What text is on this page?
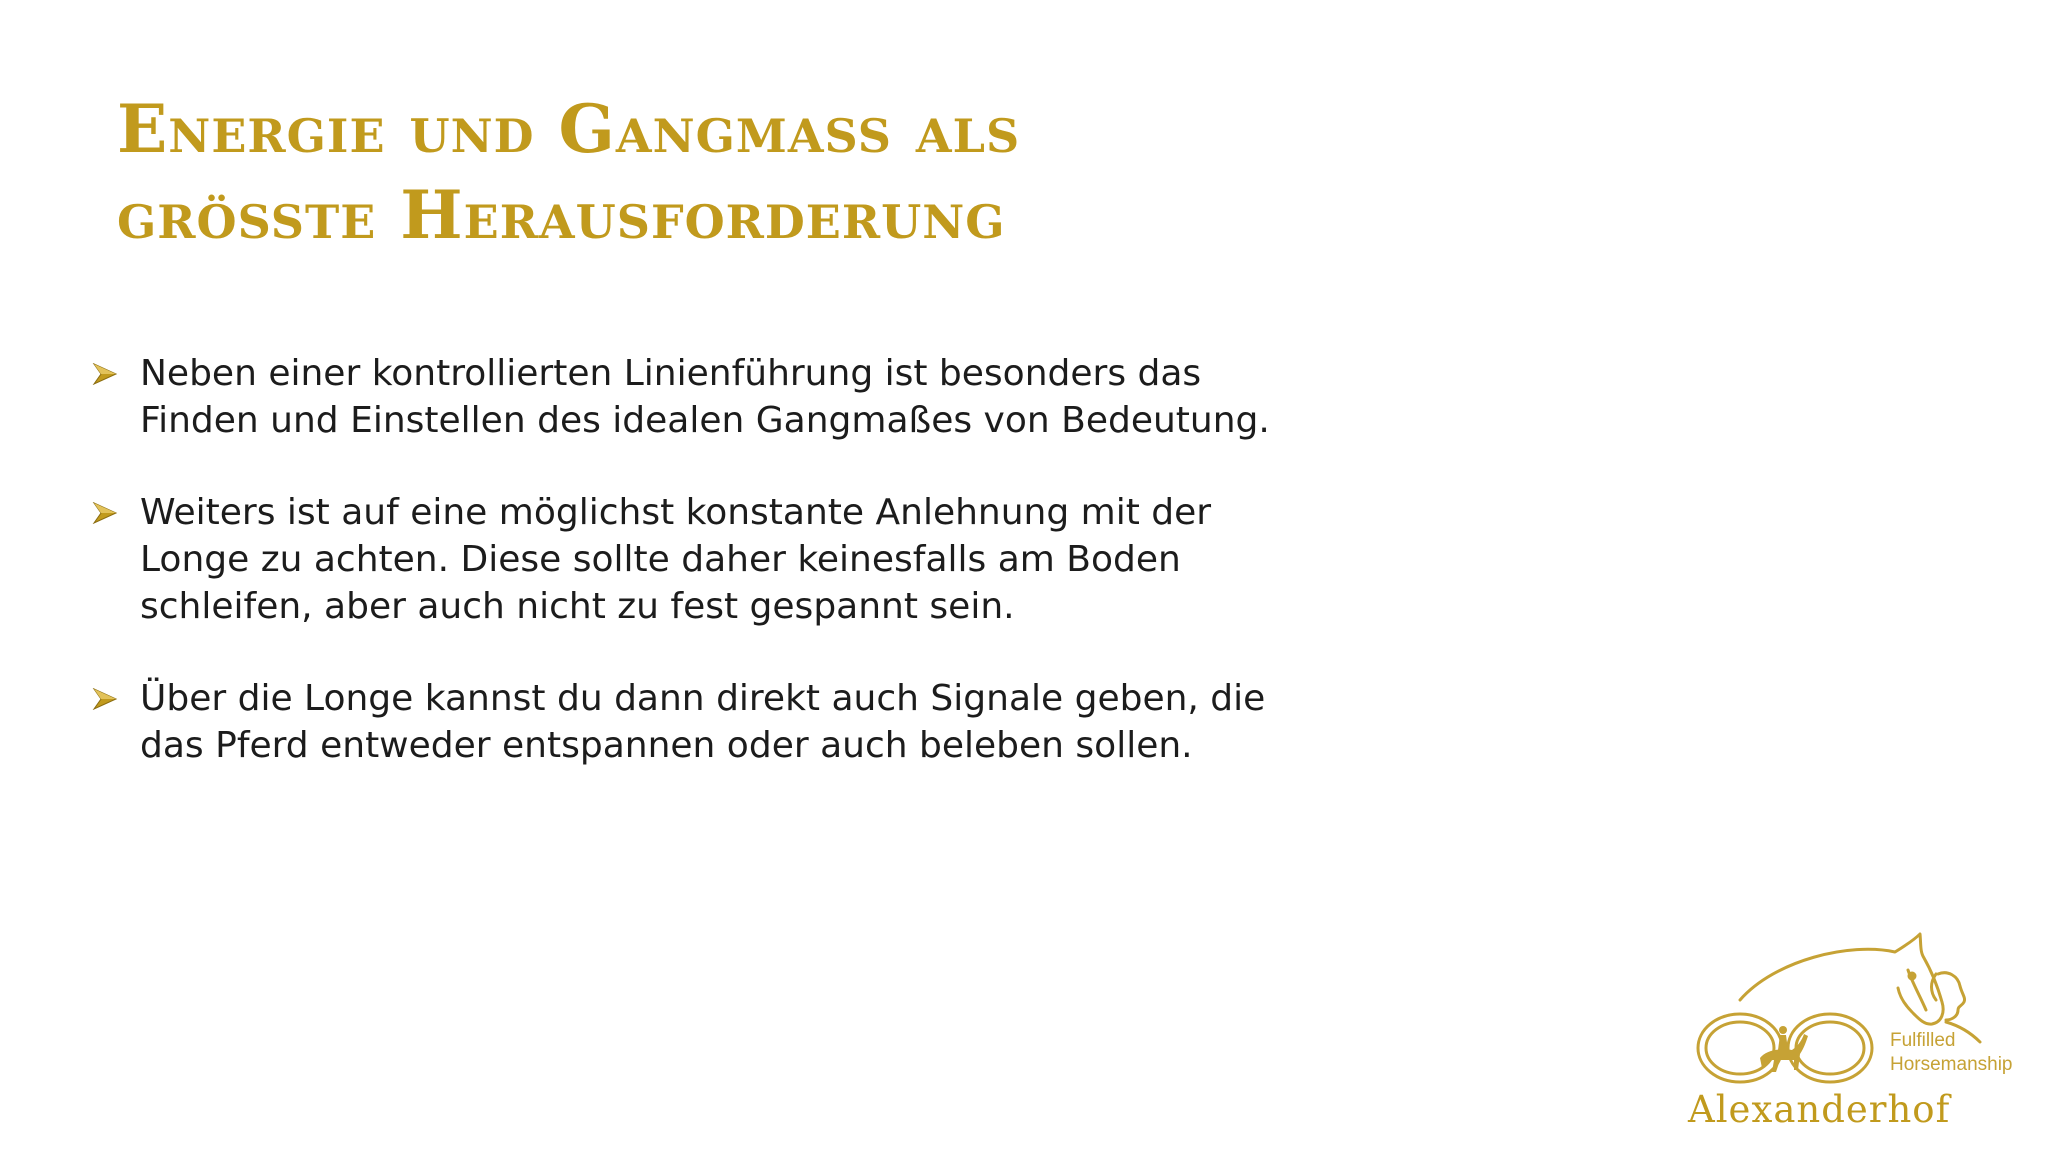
Energie und Gangmass als
grösste Herausforderung
Neben einer kontrollierten Linienführung ist besonders das
Finden und Einstellen des idealen Gangmaßes von Bedeutung.
Weiters ist auf eine möglichst konstante Anlehnung mit der
Longe zu achten. Diese sollte daher keinesfalls am Boden
schleifen, aber auch nicht zu fest gespannt sein.
Über die Longe kannst du dann direkt auch Signale geben, die
das Pferd entweder entspannen oder auch beleben sollen.
Fulfilled
Horsemanship
Alexanderhof
